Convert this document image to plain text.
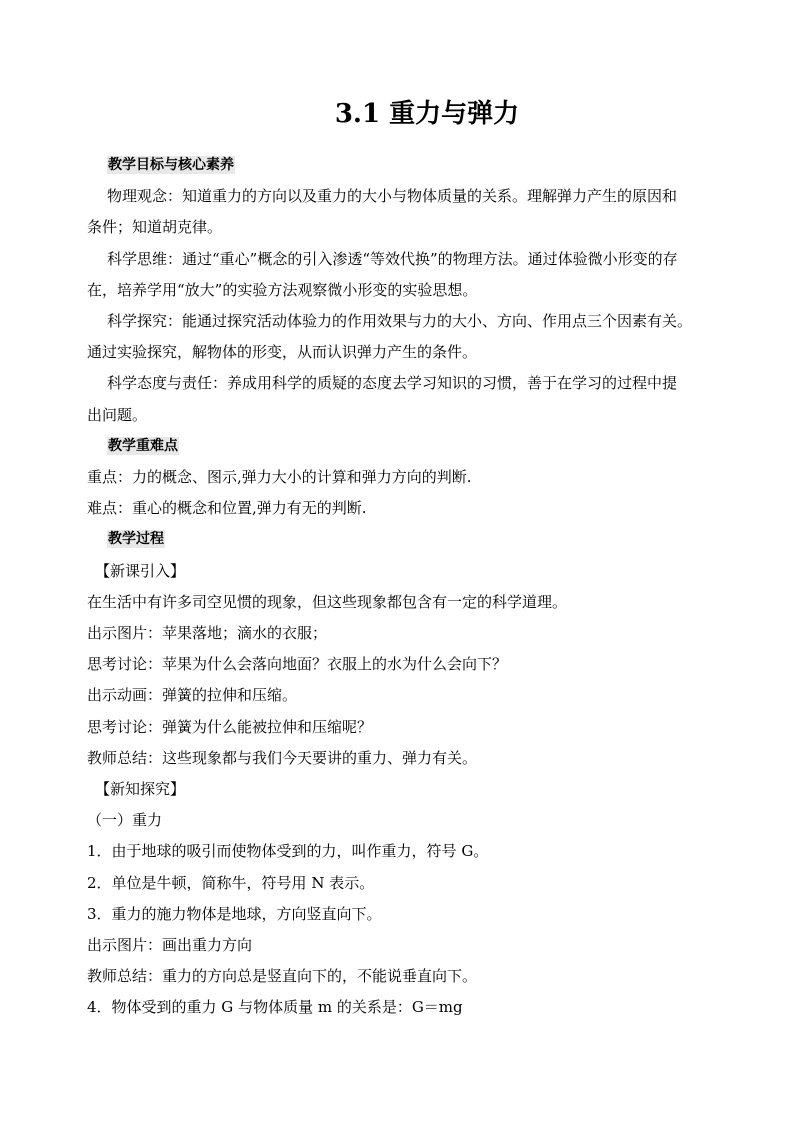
3.1 重力与弹力
教学目标与核心素养
物理观念：知道重力的方向以及重力的大小与物体质量的关系。理解弹力产生的原因和
条件；知道胡克律。
科学思维：通过“重心”概念的引入渗透“等效代换”的物理方法。通过体验微小形变的存
在，培养学用“放大”的实验方法观察微小形变的实验思想。
科学探究：能通过探究活动体验力的作用效果与力的大小、方向、作用点三个因素有关。
通过实验探究，解物体的形变，从而认识弹力产生的条件。
科学态度与责任：养成用科学的质疑的态度去学习知识的习惯，善于在学习的过程中提
出问题。
教学重难点
重点：力的概念、图示,弹力大小的计算和弹力方向的判断.
难点：重心的概念和位置,弹力有无的判断.
教学过程
【新课引入】
在生活中有许多司空见惯的现象，但这些现象都包含有一定的科学道理。
出示图片：苹果落地；滴水的衣服；
思考讨论：苹果为什么会落向地面？衣服上的水为什么会向下？
出示动画：弹簧的拉伸和压缩。
思考讨论：弹簧为什么能被拉伸和压缩呢？
教师总结：这些现象都与我们今天要讲的重力、弹力有关。
【新知探究】
（一）重力
1．由于地球的吸引而使物体受到的力，叫作重力，符号 G。
2．单位是牛顿，简称牛，符号用 N 表示。
3．重力的施力物体是地球，方向竖直向下。
出示图片：画出重力方向
教师总结：重力的方向总是竖直向下的，不能说垂直向下。
4．物体受到的重力 G 与物体质量 m 的关系是：G＝mg
